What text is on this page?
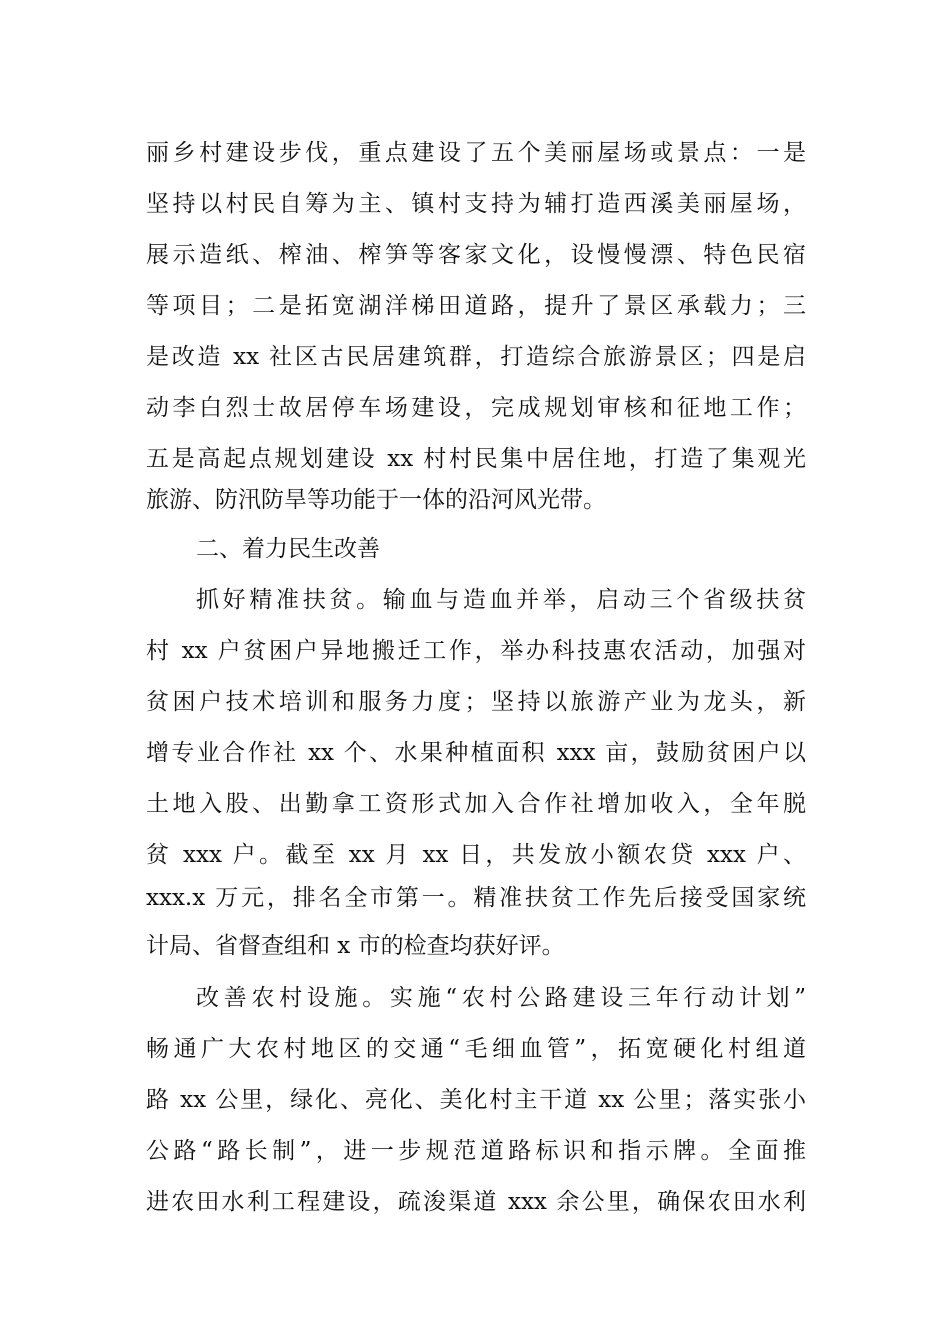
丽乡村建设步伐，重点建设了五个美丽屋场或景点：一是
坚持以村民自筹为主、镇村支持为辅打造西溪美丽屋场，
展示造纸、榨油、榨笋等客家文化，设慢慢漂、特色民宿
等项目；二是拓宽湖洋梯田道路，提升了景区承载力；三
是改造 xx 社区古民居建筑群，打造综合旅游景区；四是启
动李白烈士故居停车场建设，完成规划审核和征地工作；
五是高起点规划建设 xx 村村民集中居住地，打造了集观光
旅游、防汛防旱等功能于一体的沿河风光带。
二、着力民生改善
抓好精准扶贫。输血与造血并举，启动三个省级扶贫
村 xx 户贫困户异地搬迁工作，举办科技惠农活动，加强对
贫困户技术培训和服务力度；坚持以旅游产业为龙头，新
增专业合作社 xx 个、水果种植面积 xxx 亩，鼓励贫困户以
土地入股、出勤拿工资形式加入合作社增加收入，全年脱
贫 xxx 户。截至 xx 月 xx 日，共发放小额农贷 xxx 户、
xxx.x 万元，排名全市第一。精准扶贫工作先后接受国家统
计局、省督查组和 x 市的检查均获好评。
改善农村设施。实施“农村公路建设三年行动计划”
畅通广大农村地区的交通“毛细血管”，拓宽硬化村组道
路 xx 公里，绿化、亮化、美化村主干道 xx 公里；落实张小
公路“路长制”，进一步规范道路标识和指示牌。全面推
进农田水利工程建设，疏浚渠道 xxx 余公里，确保农田水利
